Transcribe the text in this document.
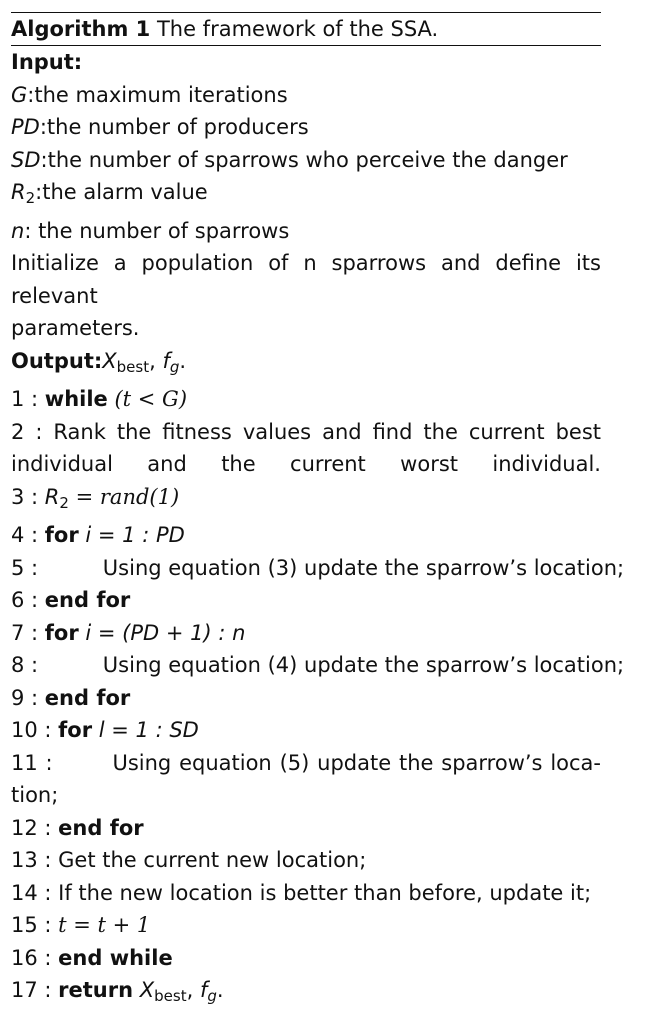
Algorithm 1 The framework of the SSA.
Input:
G:the maximum iterations
PD:the number of producers
SD:the number of sparrows who perceive the danger
$R_2:the$ alarm value
n: the number of sparrows
Initialize a population of n sparrows and define its relevant
parameters.
$Output:X_{best}$, $f_g$.
1 : while (t < G)
2 : Rank the fitness values and find the current best individual and the current worst individual.
3 : $R_2$ = rand(1)
4 : for i = 1 : PD
5 :	Using equation (3) update the sparrow’s location;
6 : end for
7 : for i = (PD + 1) : n
8 :	Using equation (4) update the sparrow’s location;
9 : end for
10 : for l = 1 : SD
11 : Using equation (5) update the sparrow’s loca-
tion;
12 : end for
13 : Get the current new location;
14 : If the new location is better than before, update it;
15 : t = t + 1
16 : end while
17 : return $X_{best}$, $f_g$.
